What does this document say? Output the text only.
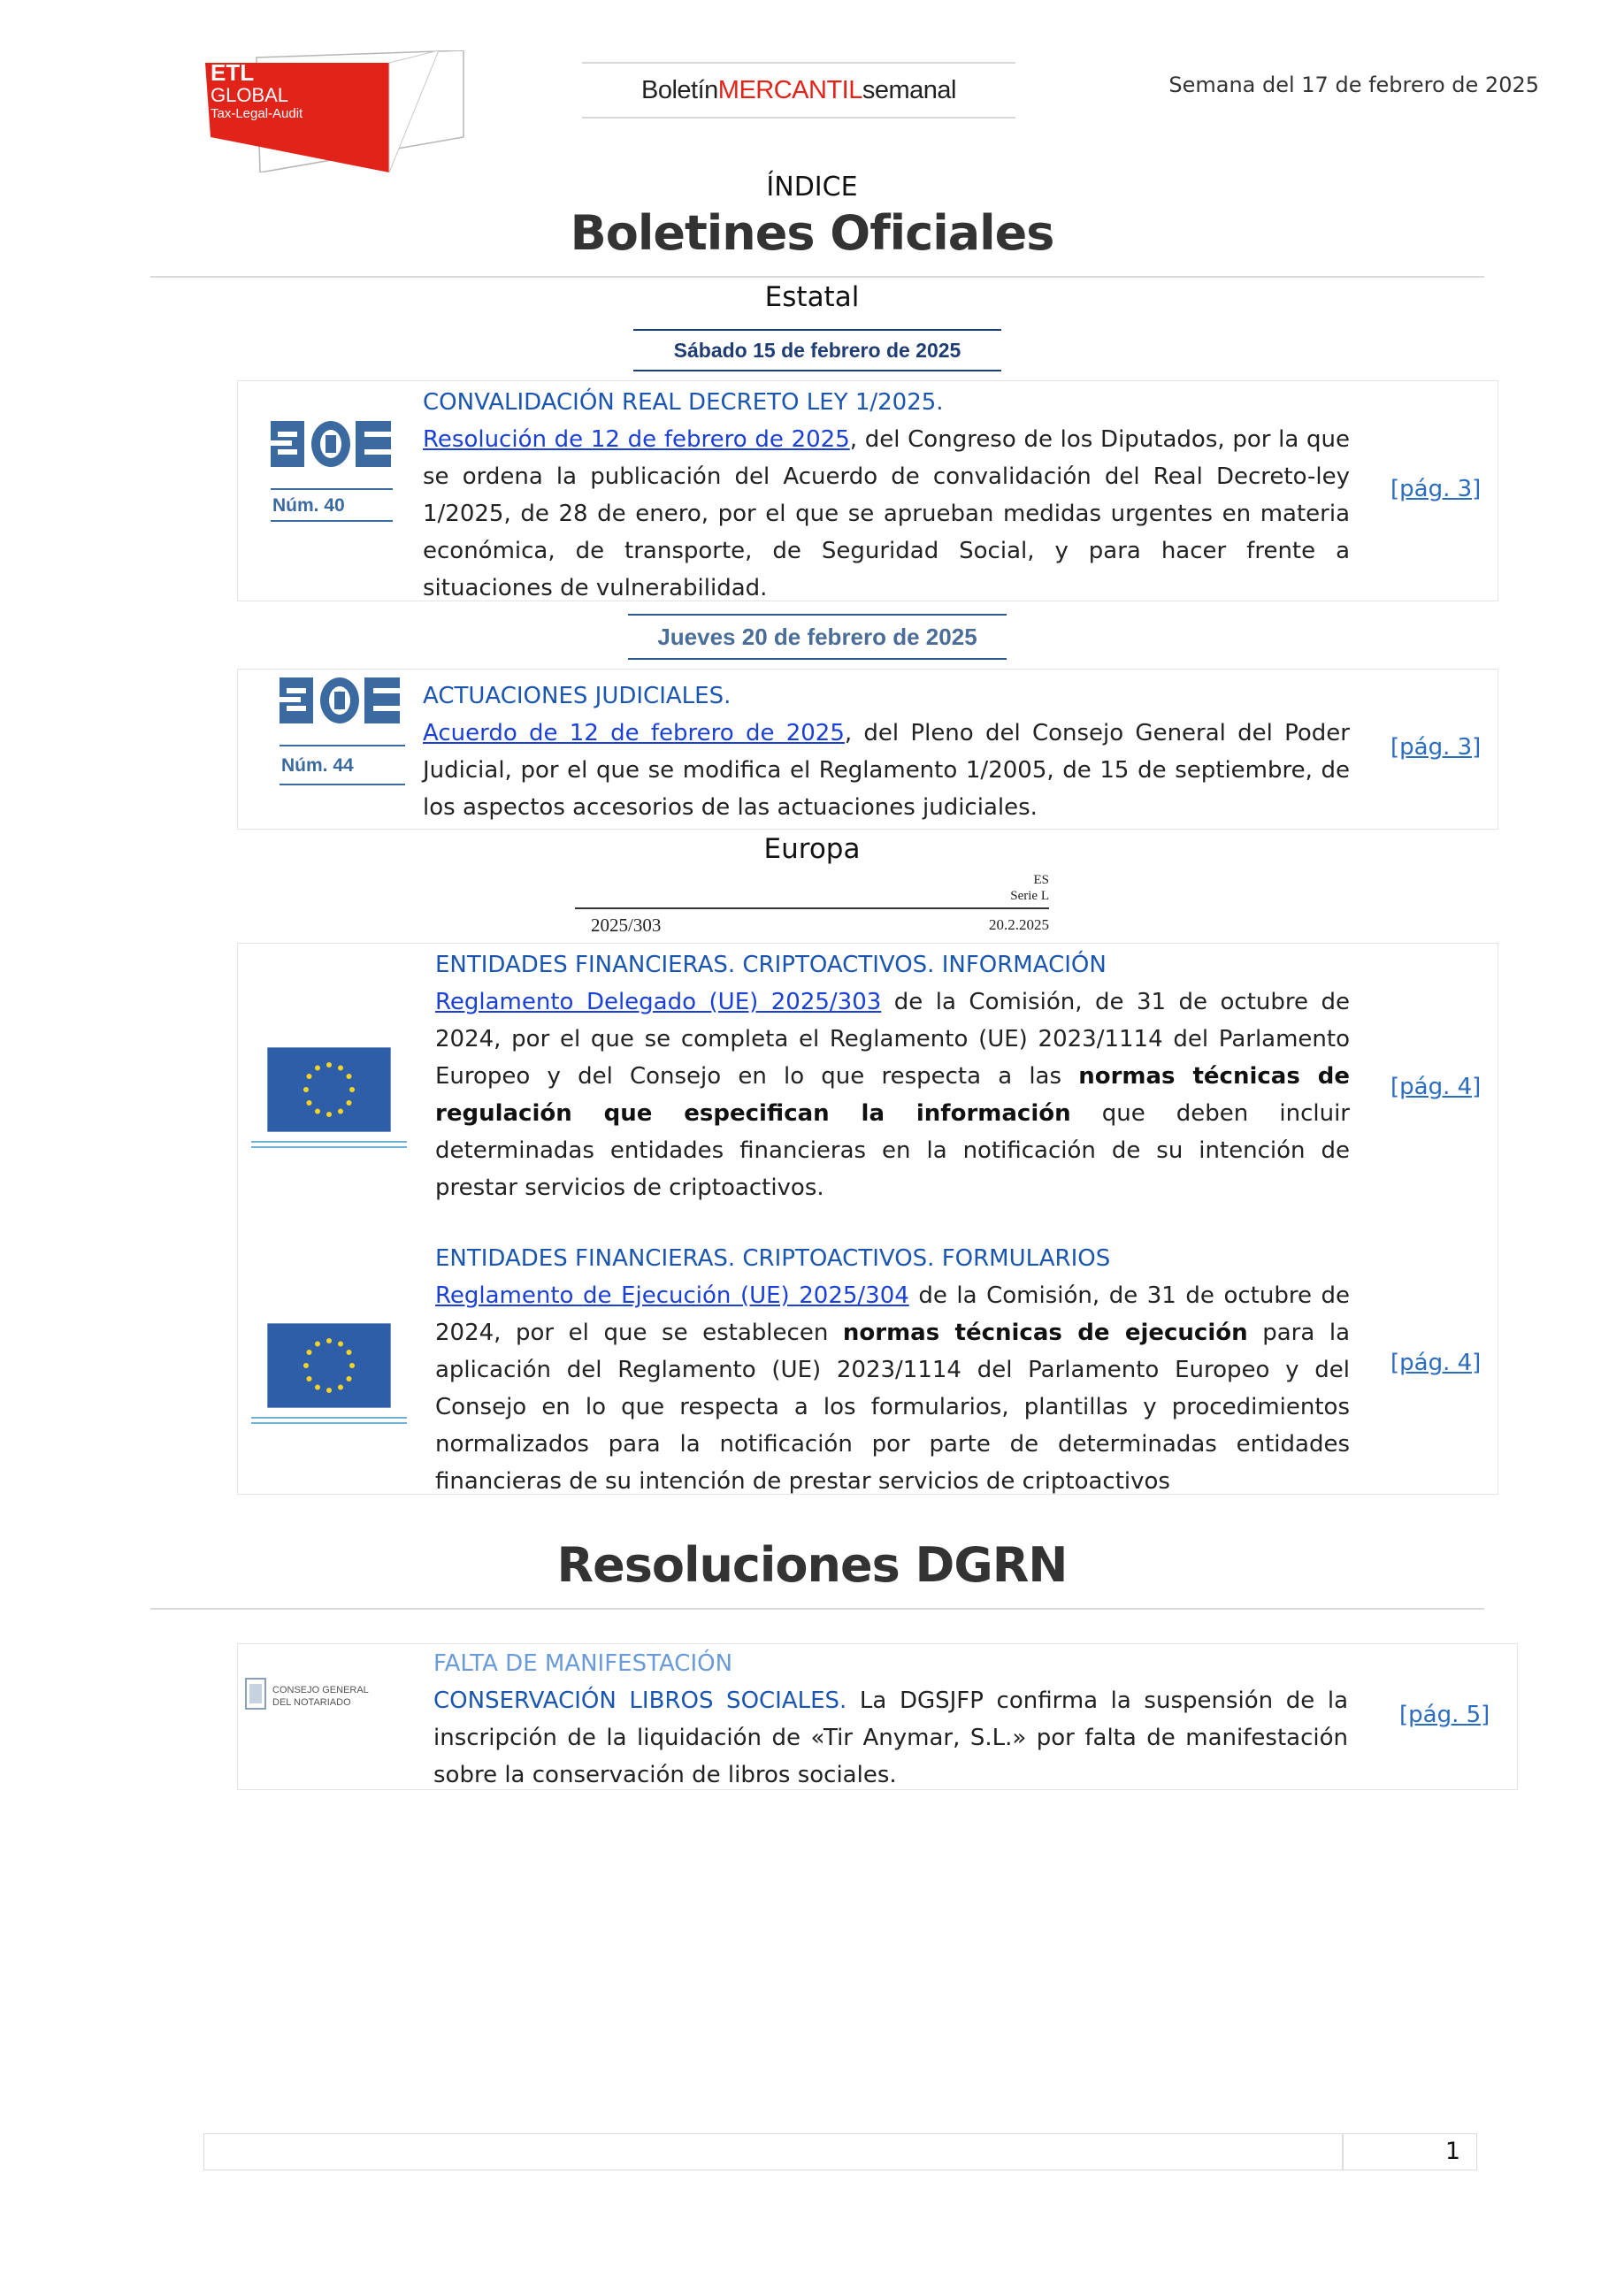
ETL
GLOBAL
Tax-Legal-Audit
Boletín MERCANTIL semanal	Semana del 17 de febrero de 2025
ÍNDICE
Boletines Oficiales
Estatal
Sábado 15 de febrero de 2025
Núm. 40
CONVALIDACIÓN REAL DECRETO LEY 1/2025.
Resolución de 12 de febrero de 2025, del Congreso de los Diputados, por la que se ordena la publicación del Acuerdo de convalidación del Real Decreto-ley 1/2025, de 28 de enero, por el que se aprueban medidas urgentes en materia económica, de transporte, de Seguridad Social, y para hacer frente a situaciones de vulnerabilidad.
[pág. 3]
Jueves 20 de febrero de 2025
Núm. 44
ACTUACIONES JUDICIALES.
Acuerdo de 12 de febrero de 2025, del Pleno del Consejo General del Poder Judicial, por el que se modifica el Reglamento 1/2005, de 15 de septiembre, de los aspectos accesorios de las actuaciones judiciales.
[pág. 3]
Europa
ES
Serie L
2025/303	20.2.2025
ENTIDADES FINANCIERAS. CRIPTOACTIVOS. INFORMACIÓN
Reglamento Delegado (UE) 2025/303 de la Comisión, de 31 de octubre de 2024, por el que se completa el Reglamento (UE) 2023/1114 del Parlamento Europeo y del Consejo en lo que respecta a las normas técnicas de regulación que especifican la información que deben incluir determinadas entidades financieras en la notificación de su intención de prestar servicios de criptoactivos.
[pág. 4]
ENTIDADES FINANCIERAS. CRIPTOACTIVOS. FORMULARIOS
Reglamento de Ejecución (UE) 2025/304 de la Comisión, de 31 de octubre de 2024, por el que se establecen normas técnicas de ejecución para la aplicación del Reglamento (UE) 2023/1114 del Parlamento Europeo y del Consejo en lo que respecta a los formularios, plantillas y procedimientos normalizados para la notificación por parte de determinadas entidades financieras de su intención de prestar servicios de criptoactivos
[pág. 4]
Resoluciones DGRN
CONSEJO GENERAL
DEL NOTARIADO
FALTA DE MANIFESTACIÓN
CONSERVACIÓN LIBROS SOCIALES. La DGSJFP confirma la suspensión de la inscripción de la liquidación de «Tir Anymar, S.L.» por falta de manifestación sobre la conservación de libros sociales.
[pág. 5]
1
